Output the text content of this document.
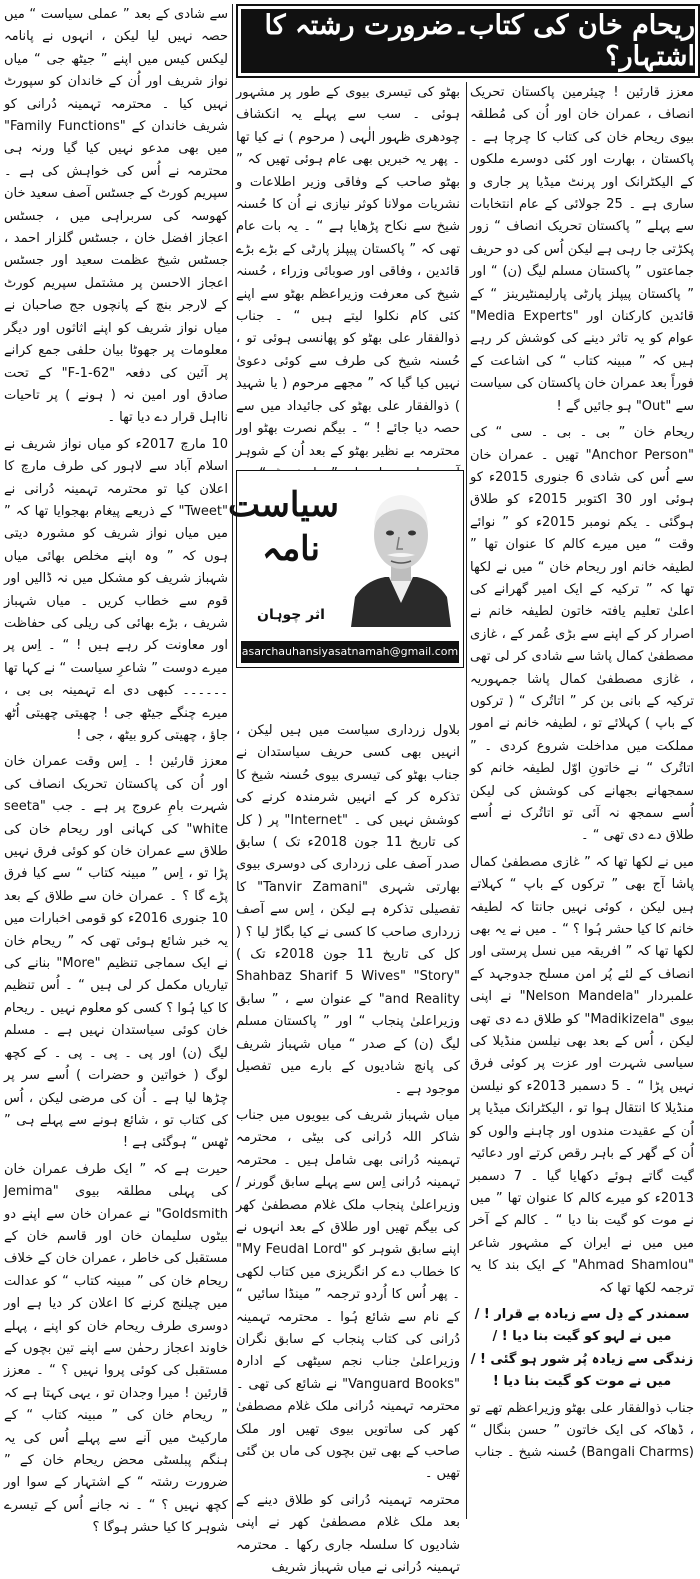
ریحام خان کی کتاب۔ضرورت رشتہ کا اشتہار؟

معزز قارئین ! چیئرمین پاکستان تحریک انصاف ، عمران خان اور اُن کی مُطلقہ بیوی ریحام خان کی کتاب کا چرچا ہے ۔ پاکستان ، بھارت اور کئی دوسرے ملکوں کے الیکٹرانک اور پرنٹ میڈیا پر جاری و ساری ہے ۔ 25 جولائی کے عام انتخابات سے پہلے ” پاکستان تحریک انصاف “ زور پکڑتی جا رہی ہے لیکن اُس کی دو حریف جماعتوں ” پاکستان مسلم لیگ (ن) “ اور ” پاکستان پیپلز پارٹی پارلیمنٹیرینز “ کے قائدین کارکنان اور "Media Experts" عوام کو یہ تاثر دینے کی کوشش کر رہے ہیں کہ ” مبینہ کتاب “ کی اشاعت کے فوراً بعد عمران خان پاکستان کی سیاست سے "Out" ہو جائیں گے !

ریحام خان ” بی ۔ بی ۔ سی “ کی "Anchor Person" تھیں ۔ عمران خان سے اُس کی شادی 6 جنوری 2015ء کو ہوئی اور 30 اکتوبر 2015ء کو طلاق ہوگئی ۔ یکم نومبر 2015ء کو ” نوائے وقت “ میں میرے کالم کا عنوان تھا ” لطیفہ خانم اور ریحام خان “ میں نے لکھا تھا کہ ” ترکیہ کے ایک امیر گھرانے کی اعلیٰ تعلیم یافتہ خاتون لطیفہ خانم نے اصرار کر کے اپنے سے بڑی عُمر کے ، غازی مصطفیٰ کمال پاشا سے شادی کر لی تھی ، غازی مصطفیٰ کمال پاشا جمہوریہ ترکیہ کے بانی بن کر ” اتاتُرک “ ( ترکوں کے باپ ) کہلائے تو ، لطیفہ خانم نے امور مملکت میں مداخلت شروع کردی ۔ ” اتاتُرک “ نے خاتونِ اوّل لطیفہ خانم کو سمجھانے بجھانے کی کوشش کی لیکن اُسے سمجھ نہ آئی تو اتاتُرک نے اُسے طلاق دے دی تھی “ ۔

میں نے لکھا تھا کہ ” غازی مصطفیٰ کمال پاشا آج بھی ” ترکوں کے باپ “ کہلاتے ہیں لیکن ، کوئی نہیں جانتا کہ لطیفہ خانم کا کیا حشر ہُوا ؟ “ ۔ میں نے یہ بھی لکھا تھا کہ ” افریقہ میں نسل پرستی اور انصاف کے لئے پُر امن مسلح جدوجہد کے علمبردار "Nelson Mandela" نے اپنی بیوی "Madikizela" کو طلاق دے دی تھی لیکن ، اُس کے بعد بھی نیلسن منڈیلا کی سیاسی شہرت اور عزت پر کوئی فرق نہیں پڑا “ ۔ 5 دسمبر 2013ء کو نیلسن منڈیلا کا انتقال ہوا تو ، الیکٹرانک میڈیا پر اُن کے عقیدت مندوں اور چاہنے والوں کو اُن کے گھر کے باہر رقص کرتے اور دعائیہ گیت گاتے ہوئے دکھایا گیا ۔ 7 دسمبر 2013ء کو میرے کالم کا عنوان تھا ” میں نے موت کو گیت بنا دیا “ ۔ کالم کے آخر میں میں نے ایران کے مشہور شاعر "Ahmad Shamlou" کے ایک بند کا یہ ترجمہ لکھا تھا کہ

سمندر کے دِل سے زیادہ بے قرار ! / میں نے لہو کو گیت بنا دیا ! / زندگی سے زیادہ پُر شور ہو گئی ! / میں نے موت کو گیت بنا دیا !

جناب ذوالفقار علی بھٹو وزیراعظم تھے تو ، ڈھاکہ کی ایک خاتون ” حسن بنگال “ (Bangali Charms) حُسنہ شیخ ۔ جناب

بھٹو کی تیسری بیوی کے طور پر مشہور ہوئی ۔ سب سے پہلے یہ انکشاف چودھری ظہور الٰہی ( مرحوم ) نے کیا تھا ۔ پھر یہ خبریں بھی عام ہوئی تھیں کہ ” بھٹو صاحب کے وفاقی وزیر اطلاعات و نشریات مولانا کوثر نیازی نے اُن کا حُسنہ شیخ سے نکاح پڑھایا ہے “ ۔ یہ بات عام تھی کہ ” پاکستان پیپلز پارٹی کے بڑے بڑے قائدین ، وفاقی اور صوبائی وزراء ، حُسنہ شیخ کی معرفت وزیراعظم بھٹو سے اپنے کئی کام نکلوا لیتے ہیں “ ۔ جناب ذوالفقار علی بھٹو کو پھانسی ہوئی تو ، حُسنہ شیخ کی طرف سے کوئی دعویٰ نہیں کیا گیا کہ ” مجھے مرحوم ( یا شہید ) ذوالفقار علی بھٹو کی جائیداد میں سے حصہ دیا جائے ! “ ۔ بیگم نصرت بھٹو اور محترمہ بے نظیر بھٹو کے بعد اُن کے شوہر

بلاول زرداری سیاست میں ہیں لیکن ، انہیں بھی کسی حریف سیاستدان نے جناب بھٹو کی تیسری بیوی حُسنہ شیخ کا تذکرہ کر کے انہیں شرمندہ کرنے کی کوشش نہیں کی ۔ "Internet" پر ( کل کی تاریخ 11 جون 2018ء تک ) سابق صدر آصف علی زرداری کی دوسری بیوی بھارتی شہری "Tanvir Zamani" کا تفصیلی تذکرہ ہے لیکن ، اِس سے آصف زرداری صاحب کا کسی نے کیا بگاڑ لیا ؟ ( کل کی تاریخ 11 جون 2018ء تک ) "Shahbaz Sharif 5 Wives" "Story and Reality" کے عنوان سے ، ” سابق وزیراعلیٰ پنجاب “ اور ” پاکستان مسلم لیگ (ن) کے صدر “ میاں شہباز شریف کی پانچ شادیوں کے بارے میں تفصیل موجود ہے ۔

میاں شہباز شریف کی بیویوں میں جناب شاکر اللہ دُرانی کی بیٹی ، محترمہ تہمینہ دُرانی بھی شامل ہیں ۔ محترمہ تہمینہ دُرانی اِس سے پہلے سابق گورنر / وزیراعلیٰ پنجاب ملک غلام مصطفیٰ کھر کی بیگم تھیں اور طلاق کے بعد انہوں نے اپنے سابق شوہر کو "My Feudal Lord" کا خطاب دے کر انگریزی میں کتاب لکھی ۔ پھر اُس کا اُردو ترجمہ ” مینڈا سائیں “ کے نام سے شائع ہُوا ۔ محترمہ تہمینہ دُرانی کی کتاب پنجاب کے سابق نگران وزیراعلیٰ جناب نجم سیٹھی کے ادارہ "Vanguard Books" نے شائع کی تھی ۔ محترمہ تہمینہ دُرانی ملک غلام مصطفیٰ کھر کی ساتویں بیوی تھیں اور ملک صاحب کے بھی تین بچوں کی ماں بن گئی تھیں ۔

محترمہ تہمینہ دُرانی کو طلاق دینے کے بعد ملک غلام مصطفیٰ کھر نے اپنی شادیوں کا سلسلہ جاری رکھا ۔ محترمہ تہمینہ دُرانی نے میاں شہباز شریف

سیاست نامہ
اثر چوہان
asarchauhansiyasatnamah@gmail.com

سے شادی کے بعد ” عملی سیاست “ میں حصہ نہیں لیا لیکن ، انہوں نے پانامہ لیکس کیس میں اپنے ” جیٹھ جی “ میاں نواز شریف اور اُن کے خاندان کو سپورٹ نہیں کیا ۔ محترمہ تہمینہ دُرانی کو شریف خاندان کے "Family Functions" میں بھی مدعو نہیں کیا گیا ورنہ ہی محترمہ نے اُس کی خواہش کی ہے ۔ سپریم کورٹ کے جسٹس آصف سعید خان کھوسہ کی سربراہی میں ، جسٹس اعجاز افضل خان ، جسٹس گلزار احمد ، جسٹس شیخ عظمت سعید اور جسٹس اعجاز الاحسن پر مشتمل سپریم کورٹ کے لارجر بنچ کے پانچوں جج صاحبان نے میاں نواز شریف کو اپنے اثاثوں اور دیگر معلومات پر جھوٹا بیان حلفی جمع کرانے پر آئین کی دفعہ "62-F-1" کے تحت صادق اور امین نہ ( ہونے ) پر تاحیات نااہل قرار دے دیا تھا ۔

10 مارچ 2017ء کو میاں نواز شریف نے اسلام آباد سے لاہور کی طرف مارچ کا اعلان کیا تو محترمہ تہمینہ دُرانی نے "Tweet" کے ذریعے پیغام بھجوایا تھا کہ ” میں میاں نواز شریف کو مشورہ دیتی ہوں کہ ” وہ اپنے مخلص بھائی میاں شہباز شریف کو مشکل میں نہ ڈالیں اور قوم سے خطاب کریں ۔ میاں شہباز شریف ، بڑے بھائی کی ریلی کی حفاظت اور معاونت کر رہے ہیں ! “ ۔ اِس پر میرے دوست ” شاعرِ سیاست “ نے کہا تھا ۔۔۔۔۔۔ کبھی دی اے تہمینہ بی بی ، میرے چنگے جیٹھ جی ! چھیتی چھیتی اُٹھ جاؤ ، چھیتی کرو بیٹھ ، جی !

معزز قارئین ! ۔ اِس وقت عمران خان اور اُن کی پاکستان تحریک انصاف کی شہرت بامِ عروج پر ہے ۔ جب "seeta white" کی کہانی اور ریحام خان کی طلاق سے عمران خان کو کوئی فرق نہیں پڑا تو ، اِس ” مبینہ کتاب “ سے کیا فرق پڑے گا ؟ ۔ عمران خان سے طلاق کے بعد 10 جنوری 2016ء کو قومی اخبارات میں یہ خبر شائع ہوئی تھی کہ ” ریحام خان نے ایک سماجی تنظیم "More" بنانے کی تیاریاں مکمل کر لی ہیں “ ۔ اُس تنظیم کا کیا ہُوا ؟ کسی کو معلوم نہیں ۔ ریحام خان کوئی سیاستدان نہیں ہے ۔ مسلم لیگ (ن) اور پی ۔ پی ۔ پی ۔ کے کچھ لوگ ( خواتین و حضرات ) اُسے سر پر چڑھا لیا ہے ۔ اُن کی مرضی لیکن ، اُس کی کتاب تو ، شائع ہونے سے پہلے ہی ” ٹھس “ ہوگئی ہے !

حیرت ہے کہ ” ایک طرف عمران خان کی پہلی مطلقہ بیوی "Jemima Goldsmith" نے عمران خان سے اپنے دو بیٹوں سلیمان خان اور قاسم خان کے مستقبل کی خاطر ، عمران خان کے خلاف ریحام خان کی ” مبینہ کتاب “ کو عدالت میں چیلنج کرنے کا اعلان کر دیا ہے اور دوسری طرف ریحام خان کو اپنے ، پہلے خاوند اعجاز رحمٰن سے اپنے تین بچوں کے مستقبل کی کوئی پروا نہیں ؟ “ ۔ معزز قارئین ! میرا وجدان تو ، یہی کہتا ہے کہ ” ریحام خان کی ” مبینہ کتاب “ کے مارکیٹ میں آنے سے پہلے اُس کی یہ ہنگم پبلسٹی محض ریحام خان کے ” ضرورت رشتہ “ کے اشتہار کے سوا اور کچھ نہیں ؟ “ ۔ نہ جانے اُس کے تیسرے شوہر کا کیا حشر ہوگا ؟
